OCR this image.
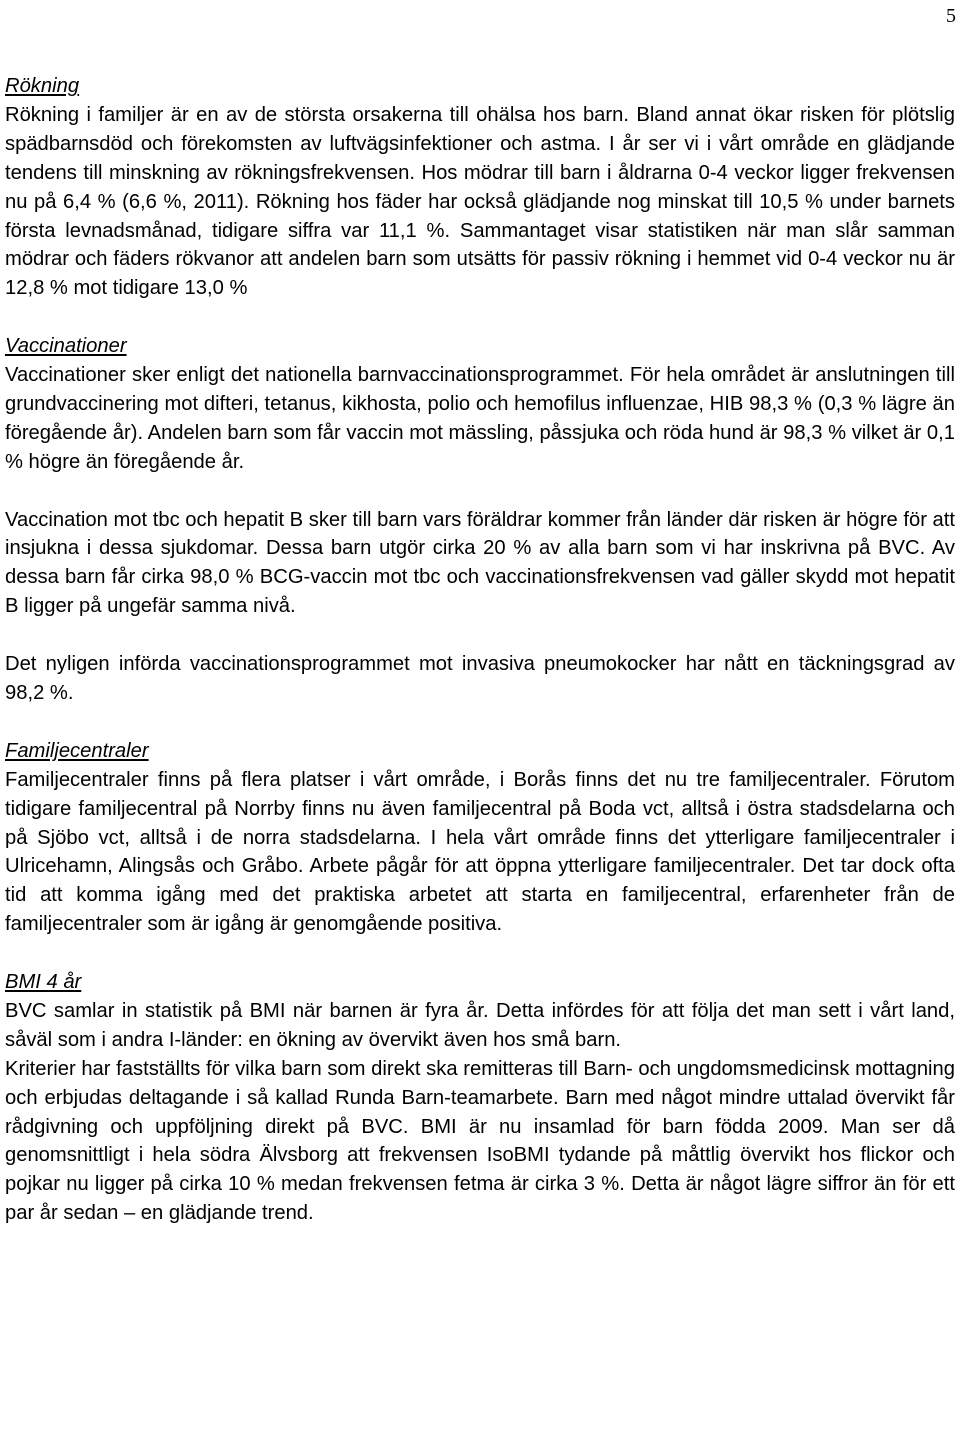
5
Rökning

Rökning i familjer är en av de största orsakerna till ohälsa hos barn. Bland annat ökar risken för plötslig spädbarnsdöd och förekomsten av luftvägsinfektioner och astma. I år ser vi i vårt område en glädjande tendens till minskning av rökningsfrekvensen. Hos mödrar till barn i åldrarna 0-4 veckor ligger frekvensen nu på 6,4 % (6,6 %, 2011). Rökning hos fäder har också glädjande nog minskat till 10,5 % under barnets första levnadsmånad, tidigare siffra var 11,1 %. Sammantaget visar statistiken när man slår samman mödrar och fäders rökvanor att andelen barn som utsätts för passiv rökning i hemmet vid 0-4 veckor nu är 12,8 % mot tidigare 13,0 %

Vaccinationer

Vaccinationer sker enligt det nationella barnvaccinationsprogrammet. För hela området är anslutningen till grundvaccinering mot difteri, tetanus, kikhosta, polio och hemofilus influenzae, HIB 98,3 % (0,3 % lägre än föregående år). Andelen barn som får vaccin mot mässling, påssjuka och röda hund är 98,3 % vilket är 0,1 % högre än föregående år.

Vaccination mot tbc och hepatit B sker till barn vars föräldrar kommer från länder där risken är högre för att insjukna i dessa sjukdomar. Dessa barn utgör cirka 20 % av alla barn som vi har inskrivna på BVC. Av dessa barn får cirka 98,0 % BCG-vaccin mot tbc och vaccinationsfrekvensen vad gäller skydd mot hepatit B ligger på ungefär samma nivå.

Det nyligen införda vaccinationsprogrammet mot invasiva pneumokocker har nått en täckningsgrad av 98,2 %.

Familjecentraler

Familjecentraler finns på flera platser i vårt område, i Borås finns det nu tre familjecentraler. Förutom tidigare familjecentral på Norrby finns nu även familjecentral på Boda vct, alltså i östra stadsdelarna och på Sjöbo vct, alltså i de norra stadsdelarna. I hela vårt område finns det ytterligare familjecentraler i Ulricehamn, Alingsås och Gråbo. Arbete pågår för att öppna ytterligare familjecentraler. Det tar dock ofta tid att komma igång med det praktiska arbetet att starta en familjecentral, erfarenheter från de familjecentraler som är igång är genomgående positiva.

BMI 4 år

BVC samlar in statistik på BMI när barnen är fyra år. Detta infördes för att följa det man sett i vårt land, såväl som i andra I-länder: en ökning av övervikt även hos små barn.

Kriterier har fastställts för vilka barn som direkt ska remitteras till Barn- och ungdomsmedicinsk mottagning och erbjudas deltagande i så kallad Runda Barn-teamarbete. Barn med något mindre uttalad övervikt får rådgivning och uppföljning direkt på BVC. BMI är nu insamlad för barn födda 2009. Man ser då genomsnittligt i hela södra Älvsborg att frekvensen IsoBMI tydande på måttlig övervikt hos flickor och pojkar nu ligger på cirka 10 % medan frekvensen fetma är cirka 3 %. Detta är något lägre siffror än för ett par år sedan – en glädjande trend.
